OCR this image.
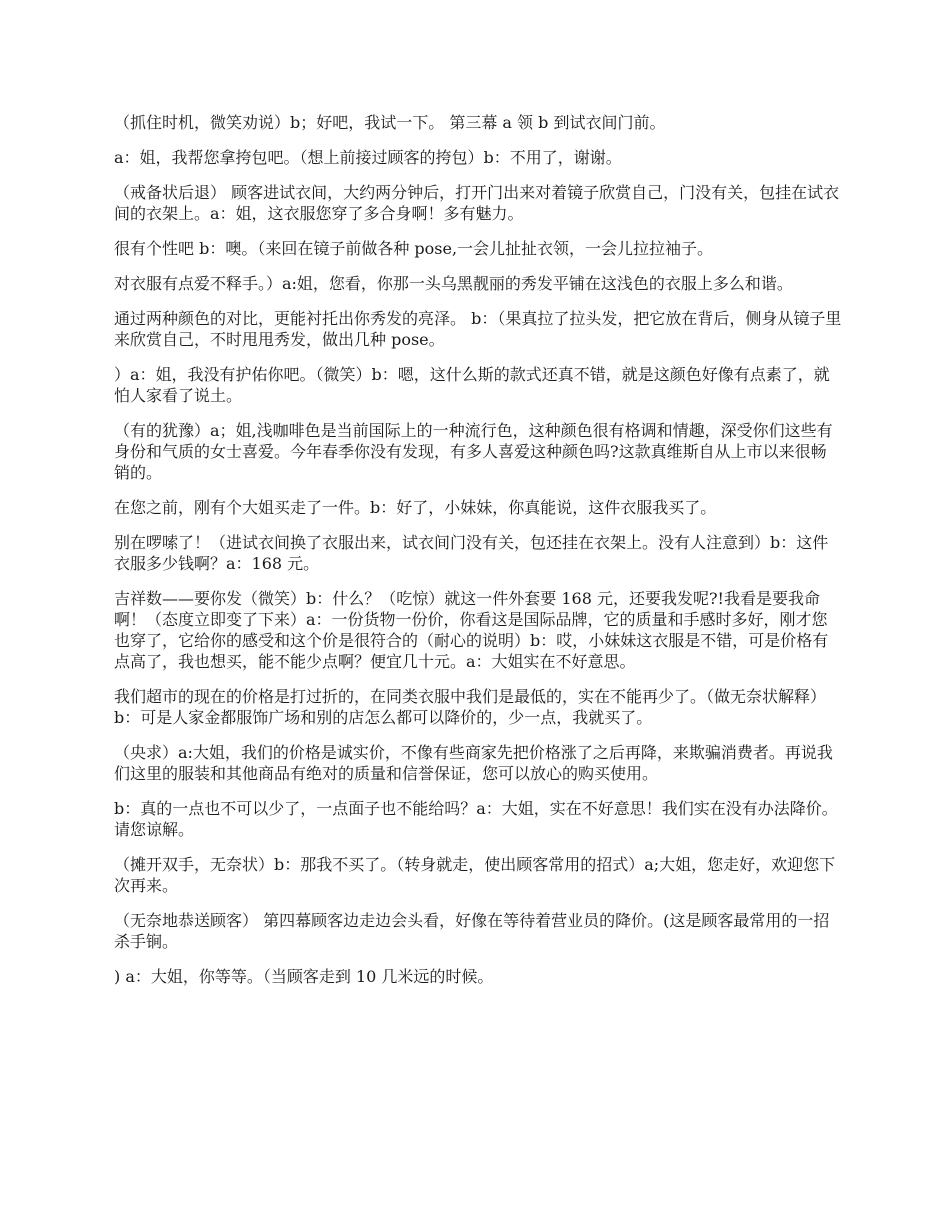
（抓住时机，微笑劝说）b；好吧，我试一下。 第三幕 a 领 b 到试衣间门前。

a：姐，我帮您拿挎包吧。（想上前接过顾客的挎包）b：不用了，谢谢。

（戒备状后退） 顾客进试衣间，大约两分钟后，打开门出来对着镜子欣赏自己，门没有关，包挂在试衣间的衣架上。a：姐，这衣服您穿了多合身啊！多有魅力。

很有个性吧 b：噢。（来回在镜子前做各种 pose,一会儿扯扯衣领，一会儿拉拉袖子。

对衣服有点爱不释手。）a:姐，您看，你那一头乌黑靓丽的秀发平铺在这浅色的衣服上多么和谐。

通过两种颜色的对比，更能衬托出你秀发的亮泽。 b：（果真拉了拉头发，把它放在背后，侧身从镜子里来欣赏自己，不时甩甩秀发，做出几种 pose。

）a：姐，我没有护佑你吧。（微笑）b：嗯，这什么斯的款式还真不错，就是这颜色好像有点素了，就怕人家看了说土。

（有的犹豫）a；姐,浅咖啡色是当前国际上的一种流行色，这种颜色很有格调和情趣，深受你们这些有身份和气质的女士喜爱。今年春季你没有发现，有多人喜爱这种颜色吗?这款真维斯自从上市以来很畅销的。

在您之前，刚有个大姐买走了一件。b：好了，小妹妹，你真能说，这件衣服我买了。

别在啰嗦了！（进试衣间换了衣服出来，试衣间门没有关，包还挂在衣架上。没有人注意到）b：这件衣服多少钱啊？a：168 元。

吉祥数——要你发（微笑）b：什么？（吃惊）就这一件外套要 168 元，还要我发呢?!我看是要我命啊！（态度立即变了下来）a：一份货物一份价，你看这是国际品牌，它的质量和手感时多好，刚才您也穿了，它给你的感受和这个价是很符合的（耐心的说明）b：哎，小妹妹这衣服是不错，可是价格有点高了，我也想买，能不能少点啊？便宜几十元。a：大姐实在不好意思。

我们超市的现在的价格是打过折的，在同类衣服中我们是最低的，实在不能再少了。（做无奈状解释）b：可是人家金都服饰广场和别的店怎么都可以降价的，少一点，我就买了。

（央求）a:大姐，我们的价格是诚实价，不像有些商家先把价格涨了之后再降，来欺骗消费者。再说我们这里的服装和其他商品有绝对的质量和信誉保证，您可以放心的购买使用。

b：真的一点也不可以少了，一点面子也不能给吗？a：大姐，实在不好意思！我们实在没有办法降价。请您谅解。

（摊开双手，无奈状）b：那我不买了。（转身就走，使出顾客常用的招式）a;大姐，您走好，欢迎您下次再来。

（无奈地恭送顾客） 第四幕顾客边走边会头看，好像在等待着营业员的降价。(这是顾客最常用的一招杀手锏。

) a：大姐，你等等。（当顾客走到 10 几米远的时候。
